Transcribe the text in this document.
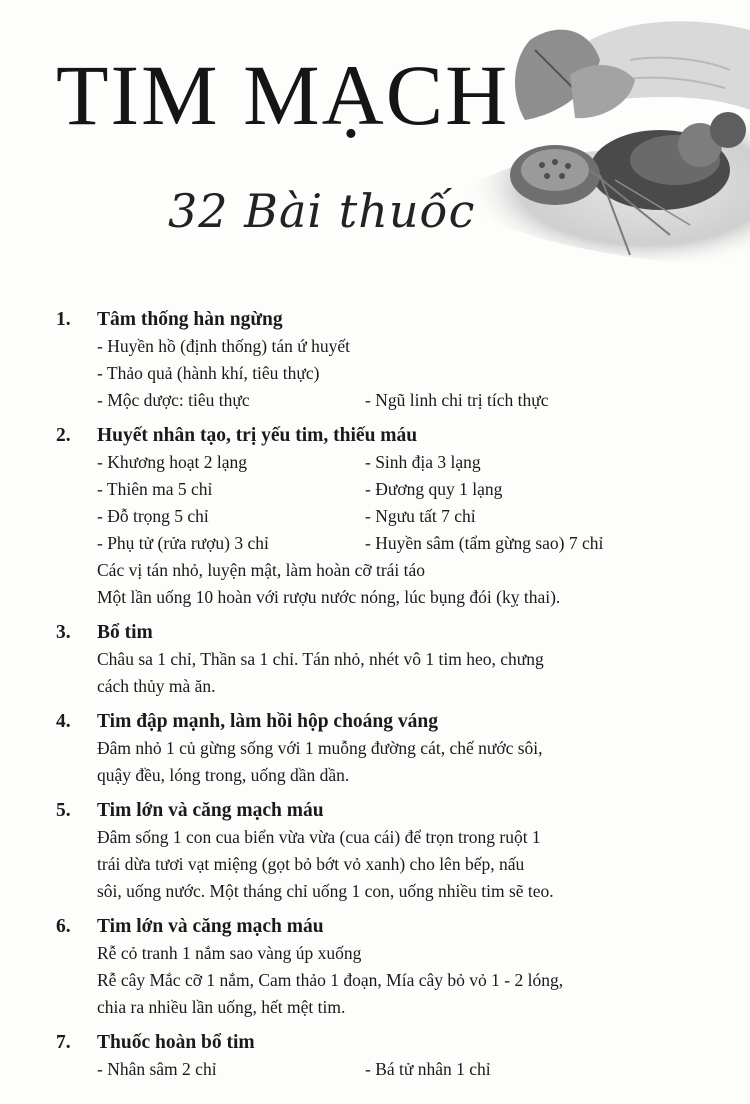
TIM MẠCH
32 Bài thuốc
1.	Tâm thống hàn ngừng
- Huyền hồ (định thống) tán ứ huyết
- Thảo quả (hành khí, tiêu thực)
- Mộc dược: tiêu thực	- Ngũ linh chi trị tích thực
2.	Huyết nhân tạo, trị yếu tim, thiếu máu
- Khương hoạt 2 lạng	- Sinh địa 3 lạng
- Thiên ma 5 chỉ	- Đương quy 1 lạng
- Đỗ trọng 5 chỉ	- Ngưu tất 7 chỉ
- Phụ tử (rửa rượu) 3 chỉ	- Huyền sâm (tẩm gừng sao) 7 chỉ
Các vị tán nhỏ, luyện mật, làm hoàn cỡ trái táo
Một lần uống 10 hoàn với rượu nước nóng, lúc bụng đói (kỵ thai).
3.	Bổ tim
Châu sa 1 chỉ, Thần sa 1 chỉ. Tán nhỏ, nhét vô 1 tim heo, chưng
cách thủy mà ăn.
4.	Tim đập mạnh, làm hồi hộp choáng váng
Đâm nhỏ 1 củ gừng sống với 1 muỗng đường cát, chế nước sôi,
quậy đều, lóng trong, uống dần dần.
5.	Tim lớn và căng mạch máu
Đâm sống 1 con cua biển vừa vừa (cua cái) để trọn trong ruột 1
trái dừa tươi vạt miệng (gọt bỏ bớt vỏ xanh) cho lên bếp, nấu
sôi, uống nước. Một tháng chỉ uống 1 con, uống nhiều tim sẽ teo.
6.	Tim lớn và căng mạch máu
Rễ cỏ tranh 1 nắm sao vàng úp xuống
Rễ cây Mắc cỡ 1 nắm, Cam thảo 1 đoạn, Mía cây bỏ vỏ 1 - 2 lóng,
chia ra nhiều lần uống, hết mệt tim.
7.	Thuốc hoàn bổ tim
- Nhân sâm 2 chỉ	- Bá tử nhân 1 chỉ
